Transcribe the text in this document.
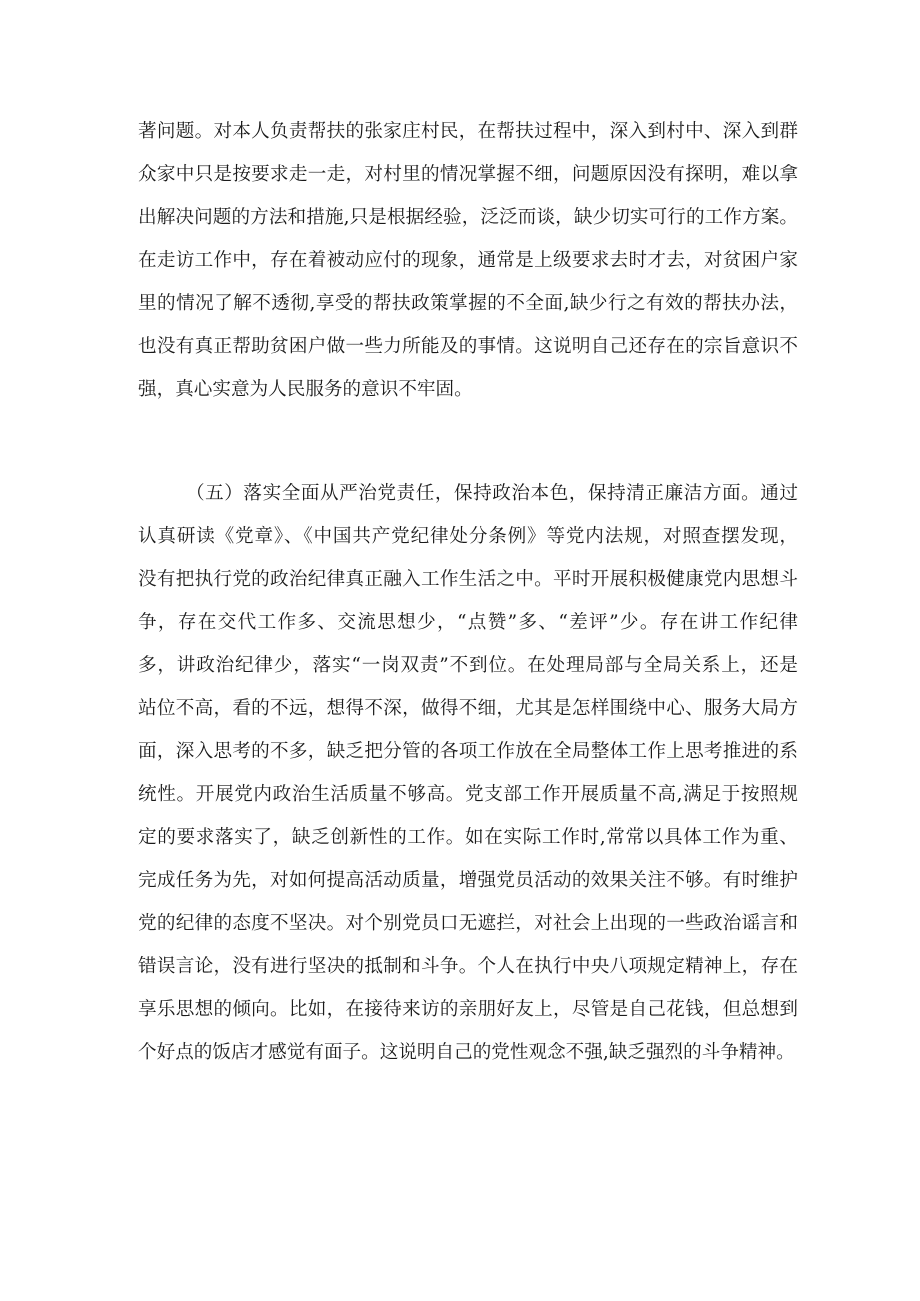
著问题。对本人负责帮扶的张家庄村民，在帮扶过程中，深入到村中、深入到群
众家中只是按要求走一走，对村里的情况掌握不细，问题原因没有探明，难以拿
出解决问题的方法和措施,只是根据经验，泛泛而谈，缺少切实可行的工作方案。
在走访工作中，存在着被动应付的现象，通常是上级要求去时才去，对贫困户家
里的情况了解不透彻,享受的帮扶政策掌握的不全面,缺少行之有效的帮扶办法，
也没有真正帮助贫困户做一些力所能及的事情。这说明自己还存在的宗旨意识不
强，真心实意为人民服务的意识不牢固。

（五）落实全面从严治党责任，保持政治本色，保持清正廉洁方面。通过
认真研读《党章》、《中国共产党纪律处分条例》等党内法规，对照查摆发现，
没有把执行党的政治纪律真正融入工作生活之中。平时开展积极健康党内思想斗
争，存在交代工作多、交流思想少，“点赞”多、“差评”少。存在讲工作纪律
多，讲政治纪律少，落实“一岗双责”不到位。在处理局部与全局关系上，还是
站位不高，看的不远，想得不深，做得不细，尤其是怎样围绕中心、服务大局方
面，深入思考的不多，缺乏把分管的各项工作放在全局整体工作上思考推进的系
统性。开展党内政治生活质量不够高。党支部工作开展质量不高,满足于按照规
定的要求落实了，缺乏创新性的工作。如在实际工作时,常常以具体工作为重、
完成任务为先，对如何提高活动质量，增强党员活动的效果关注不够。有时维护
党的纪律的态度不坚决。对个别党员口无遮拦，对社会上出现的一些政治谣言和
错误言论，没有进行坚决的抵制和斗争。个人在执行中央八项规定精神上，存在
享乐思想的倾向。比如，在接待来访的亲朋好友上，尽管是自己花钱，但总想到
个好点的饭店才感觉有面子。这说明自己的党性观念不强,缺乏强烈的斗争精神。
